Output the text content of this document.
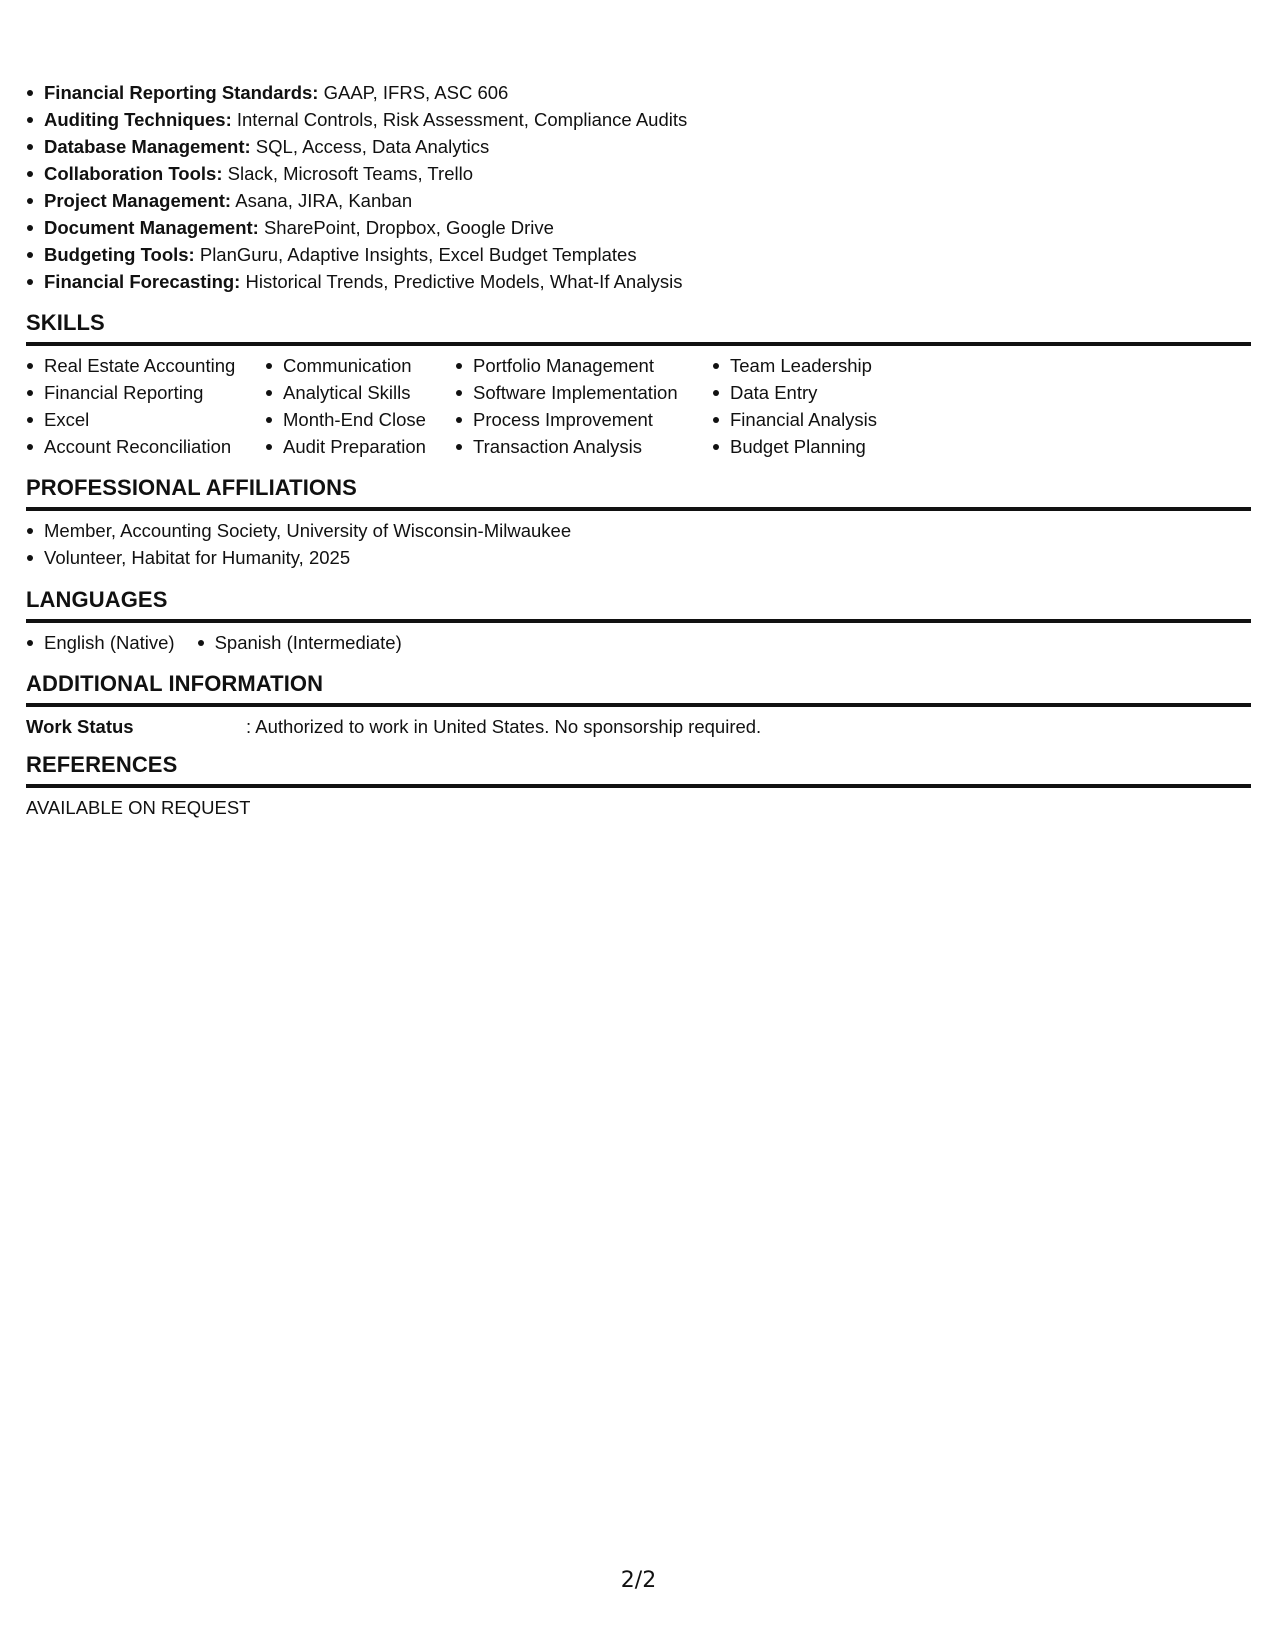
Financial Reporting Standards: GAAP, IFRS, ASC 606
Auditing Techniques: Internal Controls, Risk Assessment, Compliance Audits
Database Management: SQL, Access, Data Analytics
Collaboration Tools: Slack, Microsoft Teams, Trello
Project Management: Asana, JIRA, Kanban
Document Management: SharePoint, Dropbox, Google Drive
Budgeting Tools: PlanGuru, Adaptive Insights, Excel Budget Templates
Financial Forecasting: Historical Trends, Predictive Models, What-If Analysis
SKILLS
Real Estate Accounting
Financial Reporting
Excel
Account Reconciliation
Communication
Analytical Skills
Month-End Close
Audit Preparation
Portfolio Management
Software Implementation
Process Improvement
Transaction Analysis
Team Leadership
Data Entry
Financial Analysis
Budget Planning
PROFESSIONAL AFFILIATIONS
Member, Accounting Society, University of Wisconsin-Milwaukee
Volunteer, Habitat for Humanity, 2025
LANGUAGES
English (Native)	Spanish (Intermediate)
ADDITIONAL INFORMATION
Work Status	: Authorized to work in United States. No sponsorship required.
REFERENCES
AVAILABLE ON REQUEST
2/2
